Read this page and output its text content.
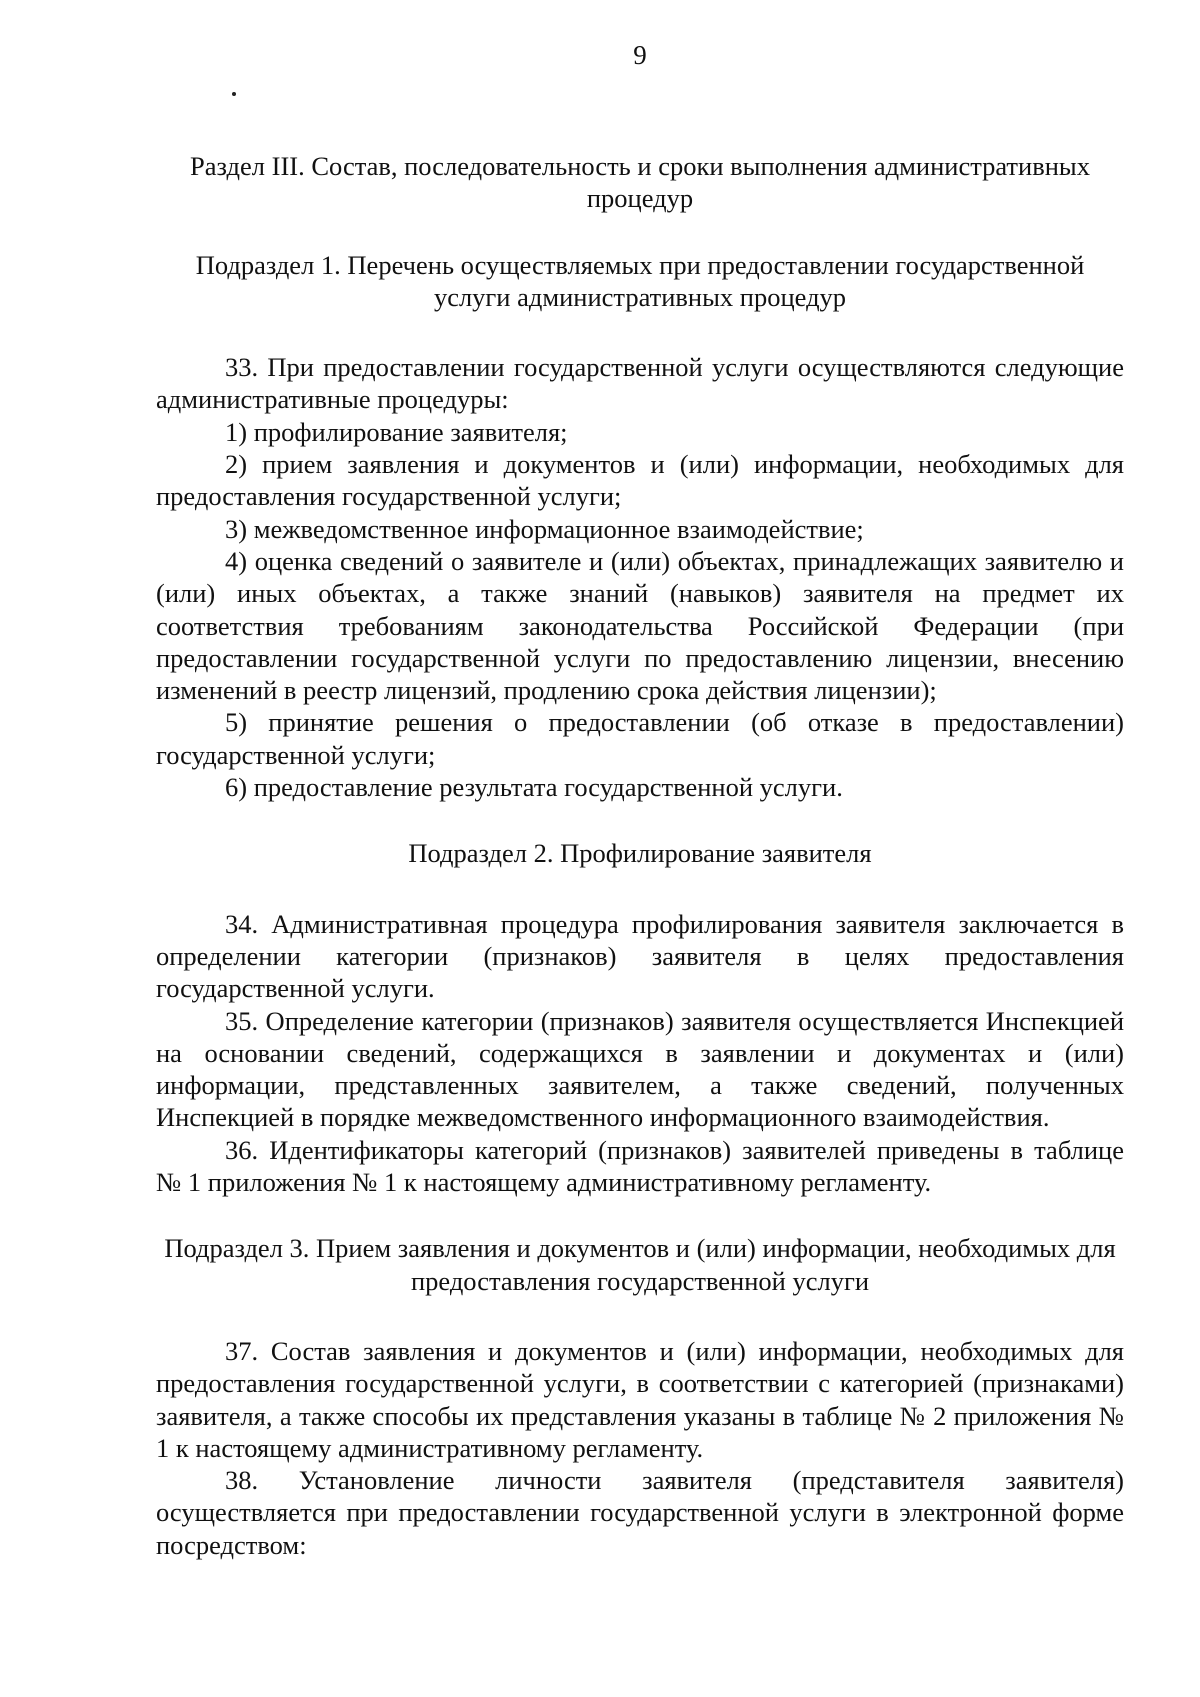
9

Раздел III. Состав, последовательность и сроки выполнения административных процедур

Подраздел 1. Перечень осуществляемых при предоставлении государственной услуги административных процедур

33. При предоставлении государственной услуги осуществляются следующие административные процедуры:

1) профилирование заявителя;

2) прием заявления и документов и (или) информации, необходимых для предоставления государственной услуги;

3) межведомственное информационное взаимодействие;

4) оценка сведений о заявителе и (или) объектах, принадлежащих заявителю и (или) иных объектах, а также знаний (навыков) заявителя на предмет их соответствия требованиям законодательства Российской Федерации (при предоставлении государственной услуги по предоставлению лицензии, внесению изменений в реестр лицензий, продлению срока действия лицензии);

5) принятие решения о предоставлении (об отказе в предоставлении) государственной услуги;

6) предоставление результата государственной услуги.

Подраздел 2. Профилирование заявителя

34. Административная процедура профилирования заявителя заключается в определении категории (признаков) заявителя в целях предоставления государственной услуги.

35. Определение категории (признаков) заявителя осуществляется Инспекцией на основании сведений, содержащихся в заявлении и документах и (или) информации, представленных заявителем, а также сведений, полученных Инспекцией в порядке межведомственного информационного взаимодействия.

36. Идентификаторы категорий (признаков) заявителей приведены в таблице № 1 приложения № 1 к настоящему административному регламенту.

Подраздел 3. Прием заявления и документов и (или) информации, необходимых для предоставления государственной услуги

37. Состав заявления и документов и (или) информации, необходимых для предоставления государственной услуги, в соответствии с категорией (признаками) заявителя, а также способы их представления указаны в таблице № 2 приложения № 1 к настоящему административному регламенту.

38. Установление личности заявителя (представителя заявителя) осуществляется при предоставлении государственной услуги в электронной форме посредством:
